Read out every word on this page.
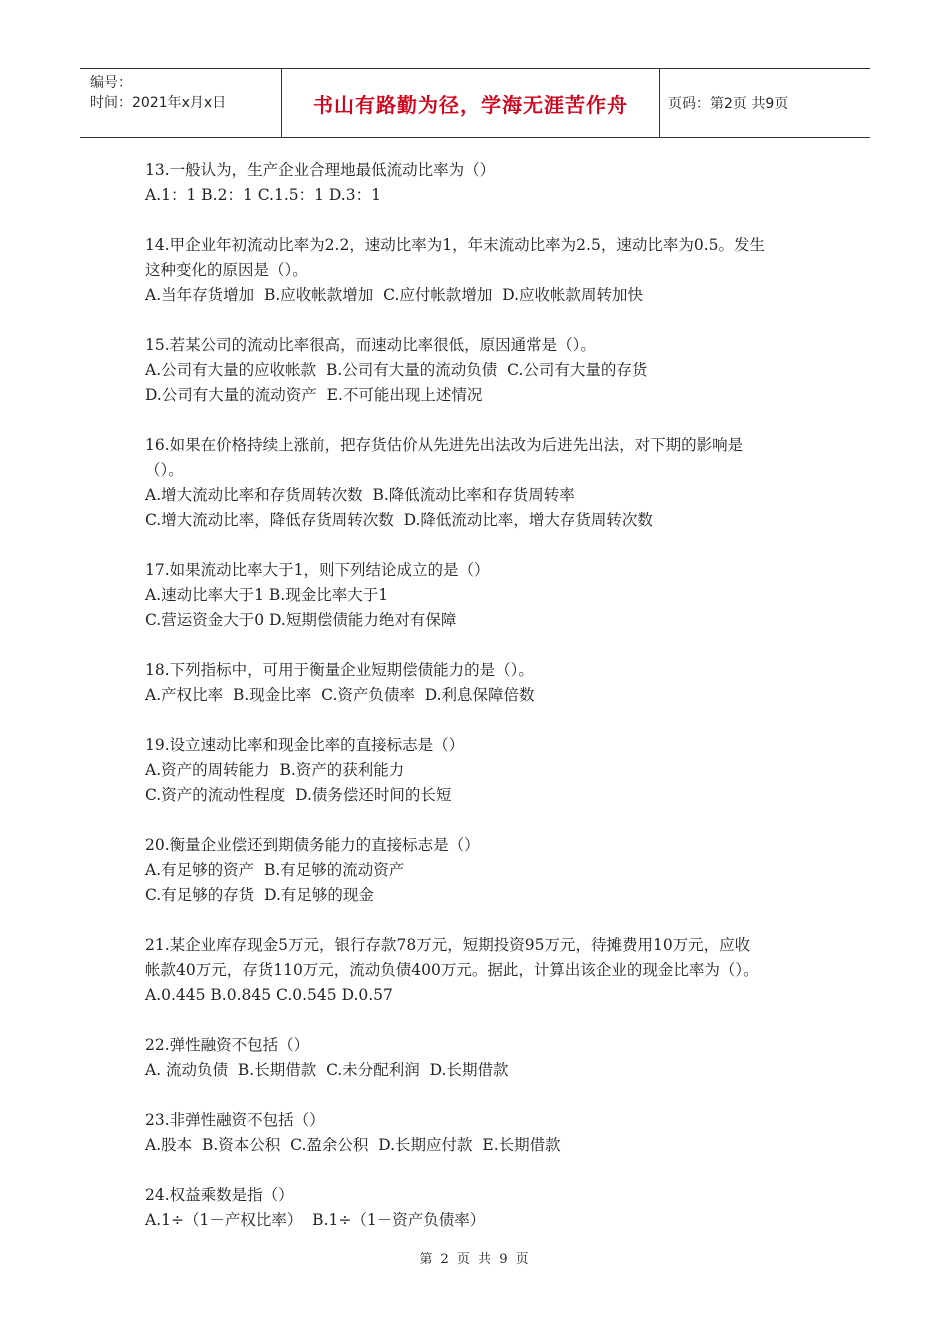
编号：
时间：2021年x月x日	书山有路勤为径，学海无涯苦作舟	页码：第2页 共9页
13.一般认为，生产企业合理地最低流动比率为（）
A.1：1 B.2：1 C.1.5：1 D.3：1
14.甲企业年初流动比率为2.2，速动比率为1，年末流动比率为2.5，速动比率为0.5。发生
这种变化的原因是（）。
A.当年存货增加  B.应收帐款增加  C.应付帐款增加  D.应收帐款周转加快
15.若某公司的流动比率很高，而速动比率很低，原因通常是（）。
A.公司有大量的应收帐款  B.公司有大量的流动负债  C.公司有大量的存货
D.公司有大量的流动资产  E.不可能出现上述情况
16.如果在价格持续上涨前，把存货估价从先进先出法改为后进先出法，对下期的影响是
（）。
A.增大流动比率和存货周转次数  B.降低流动比率和存货周转率
C.增大流动比率，降低存货周转次数  D.降低流动比率，增大存货周转次数
17.如果流动比率大于1，则下列结论成立的是（）
A.速动比率大于1 B.现金比率大于1
C.营运资金大于0 D.短期偿债能力绝对有保障
18.下列指标中，可用于衡量企业短期偿债能力的是（）。
A.产权比率  B.现金比率  C.资产负债率  D.利息保障倍数
19.设立速动比率和现金比率的直接标志是（）
A.资产的周转能力  B.资产的获利能力
C.资产的流动性程度  D.债务偿还时间的长短
20.衡量企业偿还到期债务能力的直接标志是（）
A.有足够的资产  B.有足够的流动资产
C.有足够的存货  D.有足够的现金
21.某企业库存现金5万元，银行存款78万元，短期投资95万元，待摊费用10万元，应收
帐款40万元，存货110万元，流动负债400万元。据此，计算出该企业的现金比率为（）。
A.0.445 B.0.845 C.0.545 D.0.57
22.弹性融资不包括（）
A. 流动负债  B.长期借款  C.未分配利润  D.长期借款
23.非弹性融资不包括（）
A.股本  B.资本公积  C.盈余公积  D.长期应付款  E.长期借款
24.权益乘数是指（）
A.1÷（1－产权比率）  B.1÷（1－资产负债率）
第 2 页 共 9 页
